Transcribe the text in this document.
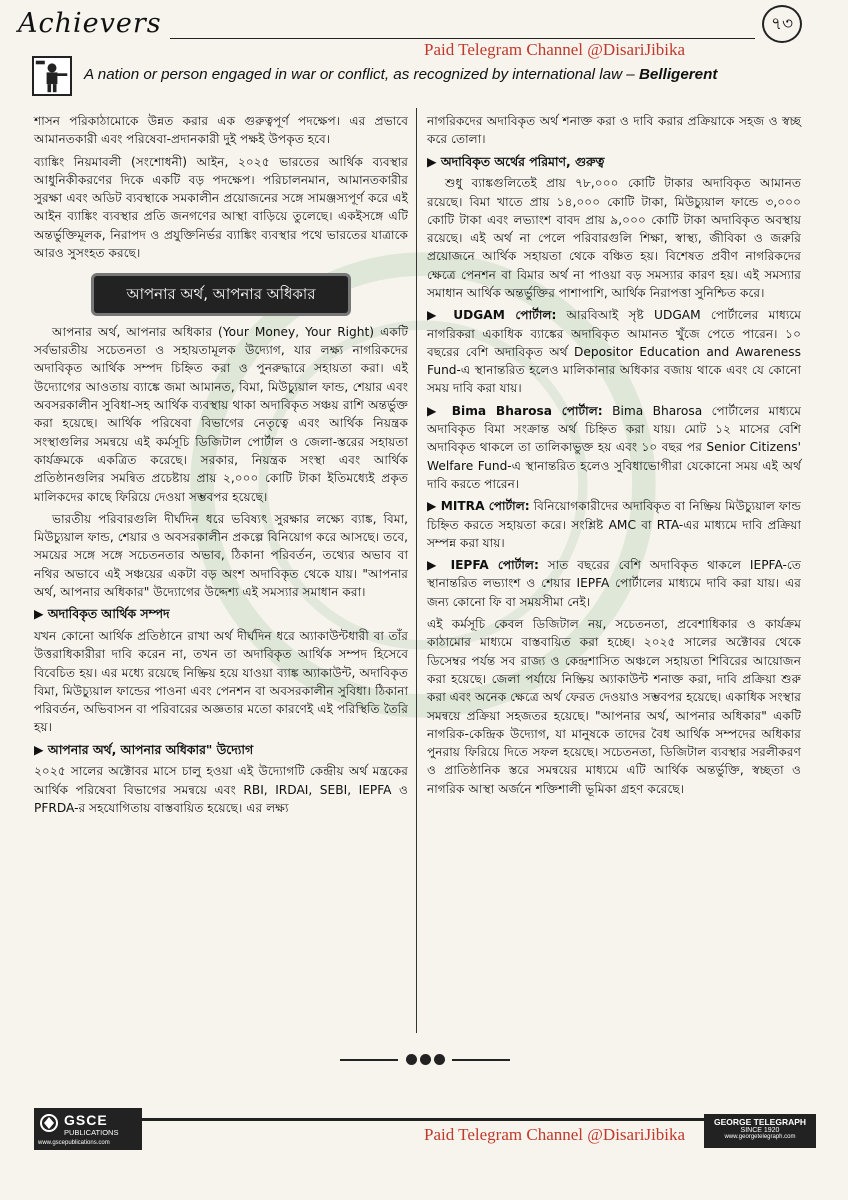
Achievers	৭৩
Paid Telegram Channel @DisariJibika
A nation or person engaged in war or conflict, as recognized by international law – Belligerent

শাসন পরিকাঠামোকে উন্নত করার এক গুরুত্বপূর্ণ পদক্ষেপ। এর প্রভাবে আমানতকারী এবং পরিষেবা-প্রদানকারী দুই পক্ষই উপকৃত হবে।

ব্যাঙ্কিং নিয়মাবলী (সংশোধনী) আইন, ২০২৫ ভারতের আর্থিক ব্যবস্থার আধুনিকীকরণের দিকে একটি বড় পদক্ষেপ। পরিচালনমান, আমানতকারীর সুরক্ষা এবং অডিট ব্যবস্থাকে সমকালীন প্রয়োজনের সঙ্গে সামঞ্জস্যপূর্ণ করে এই আইন ব্যাঙ্কিং ব্যবস্থার প্রতি জনগণের আস্থা বাড়িয়ে তুলেছে। একইসঙ্গে এটি অন্তর্ভুক্তিমূলক, নিরাপদ ও প্রযুক্তিনির্ভর ব্যাঙ্কিং ব্যবস্থার পথে ভারতের যাত্রাকে আরও সুসংহত করছে।

আপনার অর্থ, আপনার অধিকার

আপনার অর্থ, আপনার অধিকার (Your Money, Your Right) একটি সর্বভারতীয় সচেতনতা ও সহায়তামূলক উদ্যোগ, যার লক্ষ্য নাগরিকদের অদাবিকৃত আর্থিক সম্পদ চিহ্নিত করা ও পুনরুদ্ধারে সহায়তা করা। এই উদ্যোগের আওতায় ব্যাঙ্কে জমা আমানত, বিমা, মিউচ্যুয়াল ফান্ড, শেয়ার এবং অবসরকালীন সুবিধা-সহ আর্থিক ব্যবস্থায় থাকা অদাবিকৃত সঞ্চয় রাশি অন্তর্ভুক্ত করা হয়েছে। আর্থিক পরিষেবা বিভাগের নেতৃত্বে এবং আর্থিক নিয়ন্ত্রক সংস্থাগুলির সমন্বয়ে এই কর্মসূচি ডিজিটাল পোর্টাল ও জেলা-স্তরের সহায়তা কার্যক্রমকে একত্রিত করেছে। সরকার, নিয়ন্ত্রক সংস্থা এবং আর্থিক প্রতিষ্ঠানগুলির সমন্বিত প্রচেষ্টায় প্রায় ২,০০০ কোটি টাকা ইতিমধ্যেই প্রকৃত মালিকদের কাছে ফিরিয়ে দেওয়া সম্ভবপর হয়েছে।

ভারতীয় পরিবারগুলি দীর্ঘদিন ধরে ভবিষ্যৎ সুরক্ষার লক্ষ্যে ব্যাঙ্ক, বিমা, মিউচ্যুয়াল ফান্ড, শেয়ার ও অবসরকালীন প্রকল্পে বিনিয়োগ করে আসছে। তবে, সময়ের সঙ্গে সঙ্গে সচেতনতার অভাব, ঠিকানা পরিবর্তন, তথ্যের অভাব বা নথির অভাবে এই সঞ্চয়ের একটা বড় অংশ অদাবিকৃত থেকে যায়। "আপনার অর্থ, আপনার অধিকার" উদ্যোগের উদ্দেশ্য এই সমস্যার সমাধান করা।

▶ অদাবিকৃত আর্থিক সম্পদ

যখন কোনো আর্থিক প্রতিষ্ঠানে রাখা অর্থ দীর্ঘদিন ধরে অ্যাকাউন্টধারী বা তাঁর উত্তরাধিকারীরা দাবি করেন না, তখন তা অদাবিকৃত আর্থিক সম্পদ হিসেবে বিবেচিত হয়। এর মধ্যে রয়েছে নিষ্ক্রিয় হয়ে যাওয়া ব্যাঙ্ক অ্যাকাউন্ট, অদাবিকৃত বিমা, মিউচ্যুয়াল ফান্ডের পাওনা এবং পেনশন বা অবসরকালীন সুবিধা। ঠিকানা পরিবর্তন, অভিবাসন বা পরিবারের অজ্ঞতার মতো কারণেই এই পরিস্থিতি তৈরি হয়।

▶ আপনার অর্থ, আপনার অধিকার" উদ্যোগ

২০২৫ সালের অক্টোবর মাসে চালু হওয়া এই উদ্যোগটি কেন্দ্রীয় অর্থ মন্ত্রকের আর্থিক পরিষেবা বিভাগের সমন্বয়ে এবং RBI, IRDAI, SEBI, IEPFA ও PFRDA-র সহযোগিতায় বাস্তবায়িত হয়েছে। এর লক্ষ্য

নাগরিকদের অদাবিকৃত অর্থ শনাক্ত করা ও দাবি করার প্রক্রিয়াকে সহজ ও স্বচ্ছ করে তোলা।

▶ অদাবিকৃত অর্থের পরিমাণ, গুরুত্ব

শুধু ব্যাঙ্কগুলিতেই প্রায় ৭৮,০০০ কোটি টাকার অদাবিকৃত আমানত রয়েছে। বিমা খাতে প্রায় ১৪,০০০ কোটি টাকা, মিউচ্যুয়াল ফান্ডে ৩,০০০ কোটি টাকা এবং লভ্যাংশ বাবদ প্রায় ৯,০০০ কোটি টাকা অদাবিকৃত অবস্থায় রয়েছে। এই অর্থ না পেলে পরিবারগুলি শিক্ষা, স্বাস্থ্য, জীবিকা ও জরুরি প্রয়োজনে আর্থিক সহায়তা থেকে বঞ্চিত হয়। বিশেষত প্রবীণ নাগরিকদের ক্ষেত্রে পেনশন বা বিমার অর্থ না পাওয়া বড় সমস্যার কারণ হয়। এই সমস্যার সমাধান আর্থিক অন্তর্ভুক্তির পাশাপাশি, আর্থিক নিরাপত্তা সুনিশ্চিত করে।

▶ UDGAM পোর্টাল: আরবিআই সৃষ্ট UDGAM পোর্টালের মাধ্যমে নাগরিকরা একাধিক ব্যাঙ্কের অদাবিকৃত আমানত খুঁজে পেতে পারেন। ১০ বছরের বেশি অদাবিকৃত অর্থ Depositor Education and Awareness Fund-এ স্থানান্তরিত হলেও মালিকানার অধিকার বজায় থাকে এবং যে কোনো সময় দাবি করা যায়।

▶ Bima Bharosa পোর্টাল: Bima Bharosa পোর্টালের মাধ্যমে অদাবিকৃত বিমা সংক্রান্ত অর্থ চিহ্নিত করা যায়। মোট ১২ মাসের বেশি অদাবিকৃত থাকলে তা তালিকাভুক্ত হয় এবং ১০ বছর পর Senior Citizens' Welfare Fund-এ স্থানান্তরিত হলেও সুবিধাভোগীরা যেকোনো সময় এই অর্থ দাবি করতে পারেন।

▶ MITRA পোর্টাল: বিনিয়োগকারীদের অদাবিকৃত বা নিষ্ক্রিয় মিউচ্যুয়াল ফান্ড চিহ্নিত করতে সহায়তা করে। সংশ্লিষ্ট AMC বা RTA-এর মাধ্যমে দাবি প্রক্রিয়া সম্পন্ন করা যায়।

▶ IEPFA পোর্টাল: সাত বছরের বেশি অদাবিকৃত থাকলে IEPFA-তে স্থানান্তরিত লভ্যাংশ ও শেয়ার IEPFA পোর্টালের মাধ্যমে দাবি করা যায়। এর জন্য কোনো ফি বা সময়সীমা নেই।

এই কর্মসূচি কেবল ডিজিটাল নয়, সচেতনতা, প্রবেশাধিকার ও কার্যক্রম কাঠামোর মাধ্যমে বাস্তবায়িত করা হচ্ছে। ২০২৫ সালের অক্টোবর থেকে ডিসেম্বর পর্যন্ত সব রাজ্য ও কেন্দ্রশাসিত অঞ্চলে সহায়তা শিবিরের আয়োজন করা হয়েছে। জেলা পর্যায়ে নিষ্ক্রিয় অ্যাকাউন্ট শনাক্ত করা, দাবি প্রক্রিয়া শুরু করা এবং অনেক ক্ষেত্রে অর্থ ফেরত দেওয়াও সম্ভবপর হয়েছে। একাধিক সংস্থার সমন্বয়ে প্রক্রিয়া সহজতর হয়েছে। "আপনার অর্থ, আপনার অধিকার" একটি নাগরিক-কেন্দ্রিক উদ্যোগ, যা মানুষকে তাদের বৈধ আর্থিক সম্পদের অধিকার পুনরায় ফিরিয়ে দিতে সফল হয়েছে। সচেতনতা, ডিজিটাল ব্যবস্থার সরলীকরণ ও প্রাতিষ্ঠানিক স্তরে সমন্বয়ের মাধ্যমে এটি আর্থিক অন্তর্ভুক্তি, স্বচ্ছতা ও নাগরিক আস্থা অর্জনে শক্তিশালী ভূমিকা গ্রহণ করেছে।

GSCE
PUBLICATIONS
www.gscepublications.com	Paid Telegram Channel @DisariJibika
GEORGE TELEGRAPH
SINCE 1920
www.georgetelegraph.com
